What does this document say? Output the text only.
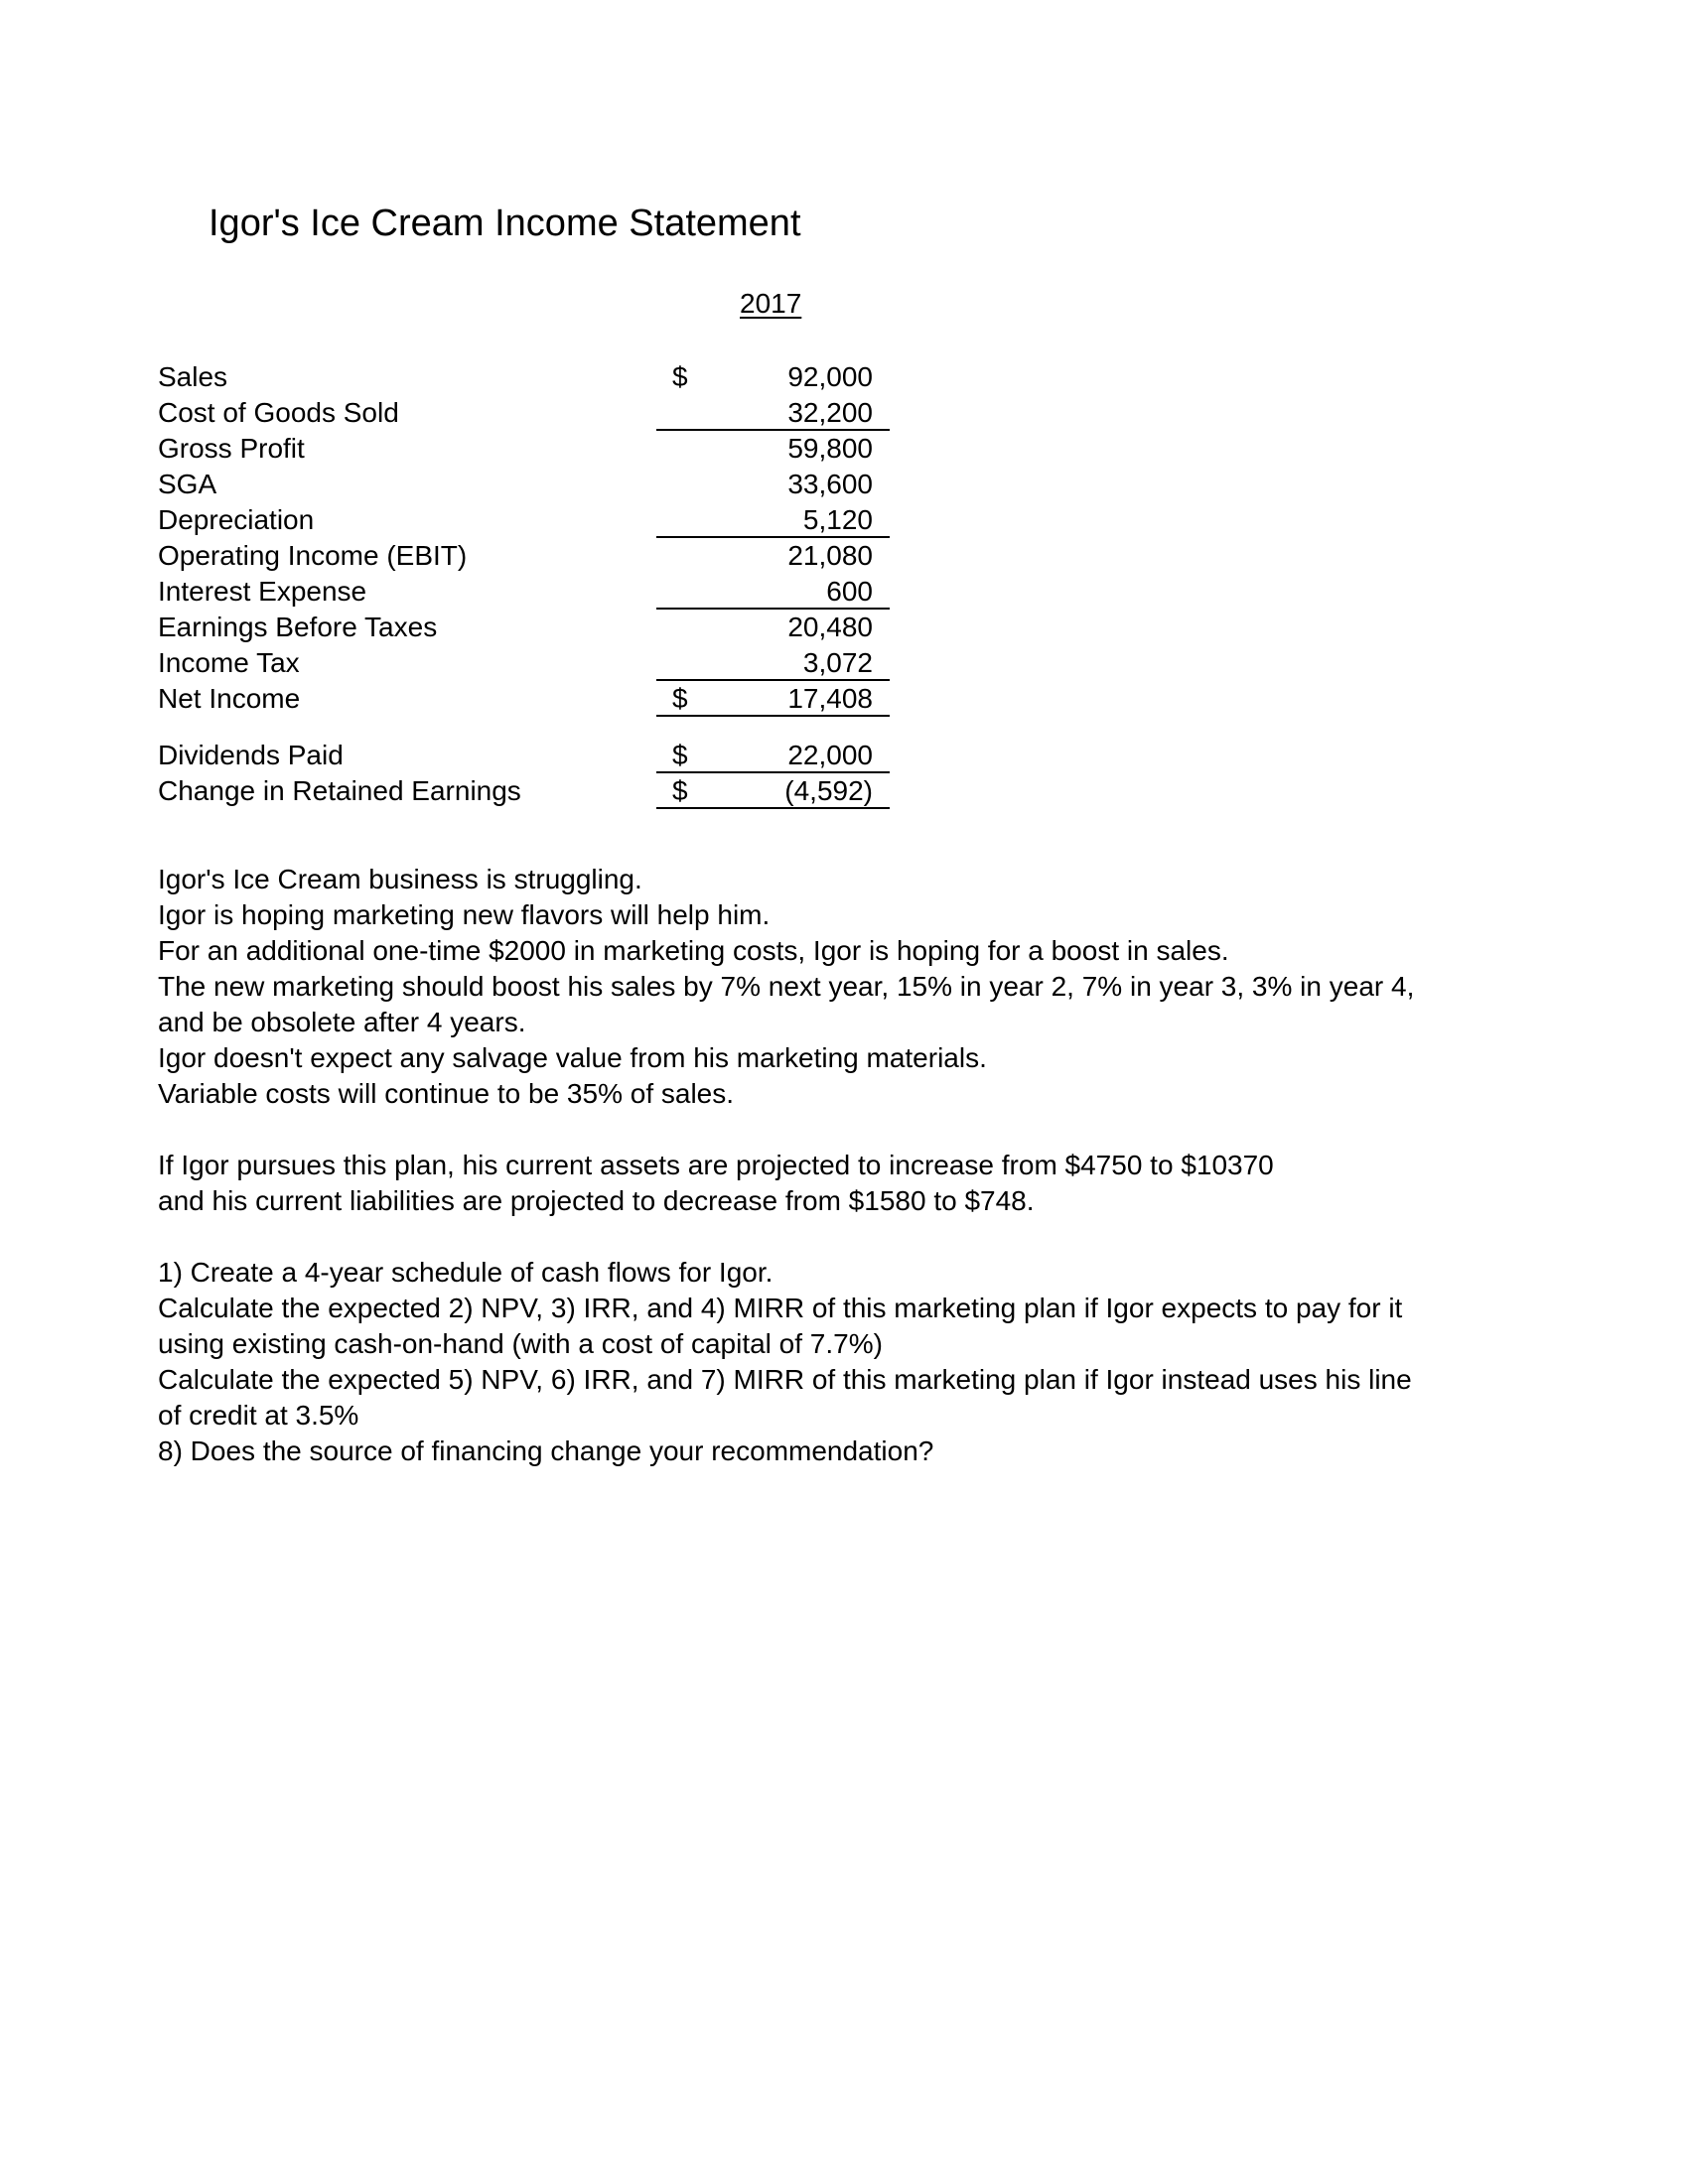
Igor's Ice Cream Income Statement
2017
Sales	$	92,000
Cost of Goods Sold	32,200
Gross Profit	59,800
SGA	33,600
Depreciation	5,120
Operating Income (EBIT)	21,080
Interest Expense	600
Earnings Before Taxes	20,480
Income Tax	3,072
Net Income	$	17,408
Dividends Paid	$	22,000
Change in Retained Earnings	$	(4,592)
Igor's Ice Cream business is struggling.
Igor is hoping marketing new flavors will help him.
For an additional one-time $2000 in marketing costs, Igor is hoping for a boost in sales.
The new marketing should boost his sales by 7% next year, 15% in year 2, 7% in year 3, 3% in year 4,
and be obsolete after 4 years.
Igor doesn't expect any salvage value from his marketing materials.
Variable costs will continue to be 35% of sales.
If Igor pursues this plan, his current assets are projected to increase from $4750 to $10370
and his current liabilities are projected to decrease from $1580 to $748.
1) Create a 4-year schedule of cash flows for Igor.
Calculate the expected 2) NPV, 3) IRR, and 4) MIRR of this marketing plan if Igor expects to pay for it
using existing cash-on-hand (with a cost of capital of 7.7%)
Calculate the expected 5) NPV, 6) IRR, and 7) MIRR of this marketing plan if Igor instead uses his line
of credit at 3.5%
8) Does the source of financing change your recommendation?
